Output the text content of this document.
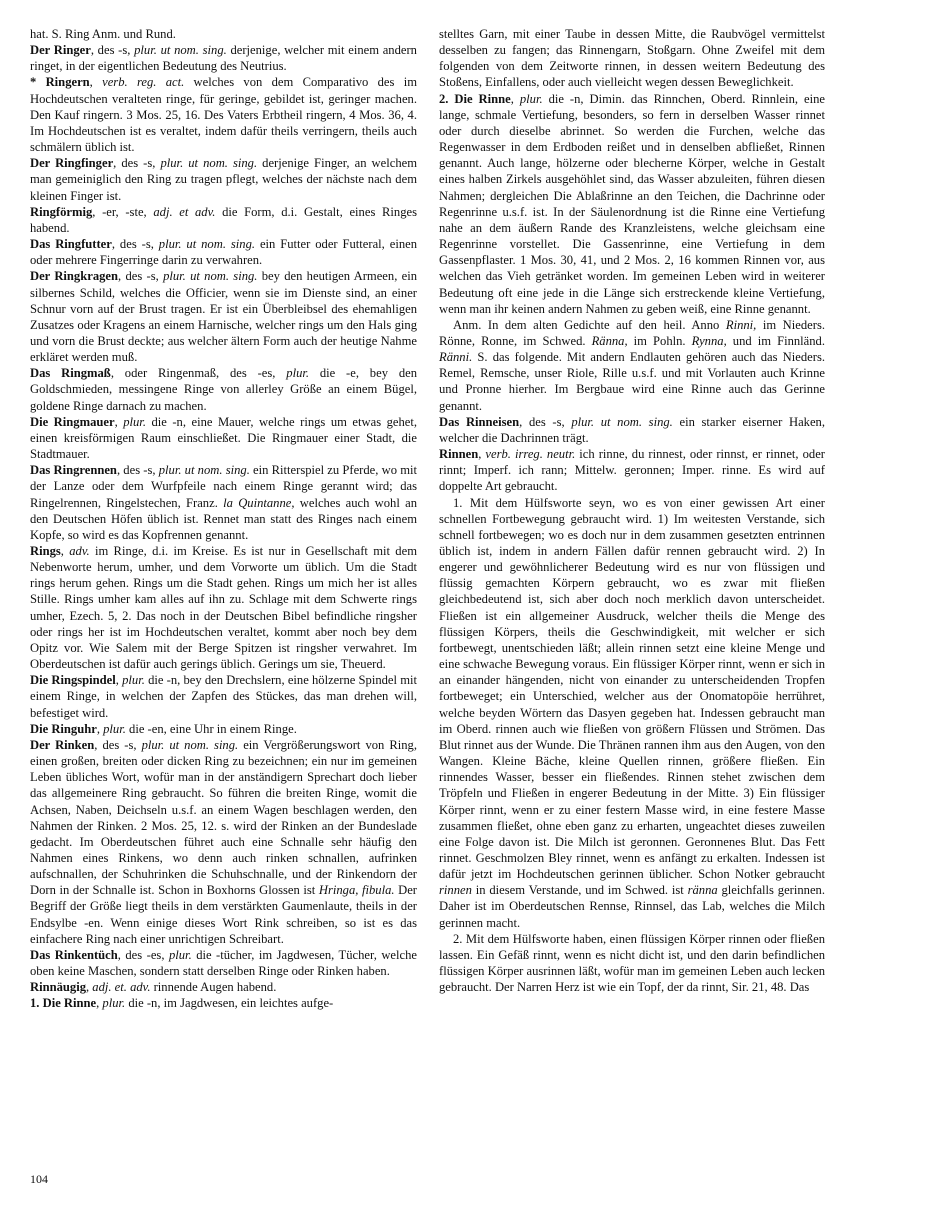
hat. S. Ring Anm. und Rund.

Der Ringer, des -s, plur. ut nom. sing. derjenige, welcher mit einem andern ringet, in der eigentlichen Bedeutung des Neutrius.

* Ringern, verb. reg. act. welches von dem Comparativo des im Hochdeutschen veralteten ringe, für geringe, gebildet ist, geringer machen. Den Kauf ringern. 3 Mos. 25, 16. Des Vaters Erbtheil ringern, 4 Mos. 36, 4. Im Hochdeutschen ist es veraltet, indem dafür theils verringern, theils auch schmälern üblich ist.

Der Ringfinger, des -s, plur. ut nom. sing. derjenige Finger, an welchem man gemeiniglich den Ring zu tragen pflegt, welches der nächste nach dem kleinen Finger ist.

Ringförmig, -er, -ste, adj. et adv. die Form, d.i. Gestalt, eines Ringes habend.

Das Ringfutter, des -s, plur. ut nom. sing. ein Futter oder Futteral, einen oder mehrere Fingerringe darin zu verwahren.

Der Ringkragen, des -s, plur. ut nom. sing. bey den heutigen Armeen, ein silbernes Schild, welches die Officier, wenn sie im Dienste sind, an einer Schnur vorn auf der Brust tragen. Er ist ein Überbleibsel des ehemahligen Zusatzes oder Kragens an einem Harnische, welcher rings um den Hals ging und vorn die Brust deckte; aus welcher ältern Form auch der heutige Nahme erkläret werden muß.

Das Ringmaß, oder Ringenmaß, des -es, plur. die -e, bey den Goldschmieden, messingene Ringe von allerley Größe an einem Bügel, goldene Ringe darnach zu machen.

Die Ringmauer, plur. die -n, eine Mauer, welche rings um etwas gehet, einen kreisförmigen Raum einschließet. Die Ringmauer einer Stadt, die Stadtmauer.

Das Ringrennen, des -s, plur. ut nom. sing. ein Ritterspiel zu Pferde, wo mit der Lanze oder dem Wurfpfeile nach einem Ringe gerannt wird; das Ringelrennen, Ringelstechen, Franz. la Quintanne, welches auch wohl an den Deutschen Höfen üblich ist. Rennet man statt des Ringes nach einem Kopfe, so wird es das Kopfrennen genannt.

Rings, adv. im Ringe, d.i. im Kreise. Es ist nur in Gesellschaft mit dem Nebenworte herum, umher, und dem Vorworte um üblich. Um die Stadt rings herum gehen. Rings um die Stadt gehen. Rings um mich her ist alles Stille. Rings umher kam alles auf ihn zu. Schlage mit dem Schwerte rings umher, Ezech. 5, 2. Das noch in der Deutschen Bibel befindliche ringsher oder rings her ist im Hochdeutschen veraltet, kommt aber noch bey dem Opitz vor. Wie Salem mit der Berge Spitzen ist ringsher verwahret. Im Oberdeutschen ist dafür auch gerings üblich. Gerings um sie, Theuerd.

Die Ringspindel, plur. die -n, bey den Drechslern, eine hölzerne Spindel mit einem Ringe, in welchen der Zapfen des Stückes, das man drehen will, befestiget wird.

Die Ringuhr, plur. die -en, eine Uhr in einem Ringe.

Der Rinken, des -s, plur. ut nom. sing. ein Vergrößerungswort von Ring, einen großen, breiten oder dicken Ring zu bezeichnen; ein nur im gemeinen Leben übliches Wort, wofür man in der anständigern Sprechart doch lieber das allgemeinere Ring gebraucht. So führen die breiten Ringe, womit die Achsen, Naben, Deichseln u.s.f. an einem Wagen beschlagen werden, den Nahmen der Rinken. 2 Mos. 25, 12. s. wird der Rinken an der Bundeslade gedacht. Im Oberdeutschen führet auch eine Schnalle sehr häufig den Nahmen eines Rinkens, wo denn auch rinken schnallen, aufrinken aufschnallen, der Schuhrinken die Schuhschnalle, und der Rinkendorn der Dorn in der Schnalle ist. Schon in Boxhorns Glossen ist Hringa, fibula. Der Begriff der Größe liegt theils in dem verstärkten Gaumenlaute, theils in der Endsylbe -en. Wenn einige dieses Wort Rink schreiben, so ist es das einfachere Ring nach einer unrichtigen Schreibart.

Das Rinkentüch, des -es, plur. die -tücher, im Jagdwesen, Tücher, welche oben keine Maschen, sondern statt derselben Ringe oder Rinken haben.

Rinnäugig, adj. et. adv. rinnende Augen habend.

1. Die Rinne, plur. die -n, im Jagdwesen, ein leichtes aufge-

stelltes Garn, mit einer Taube in dessen Mitte, die Raubvögel vermittelst desselben zu fangen; das Rinnengarn, Stoßgarn. Ohne Zweifel mit dem folgenden von dem Zeitworte rinnen, in dessen weitern Bedeutung des Stoßens, Einfallens, oder auch vielleicht wegen dessen Beweglichkeit.

2. Die Rinne, plur. die -n, Dimin. das Rinnchen, Oberd. Rinnlein, eine lange, schmale Vertiefung, besonders, so fern in derselben Wasser rinnet oder durch dieselbe abrinnet. So werden die Furchen, welche das Regenwasser in dem Erdboden reißet und in denselben abfließet, Rinnen genannt. Auch lange, hölzerne oder blecherne Körper, welche in Gestalt eines halben Zirkels ausgehöhlet sind, das Wasser abzuleiten, führen diesen Nahmen; dergleichen Die Ablaßrinne an den Teichen, die Dachrinne oder Regenrinne u.s.f. ist. In der Säulenordnung ist die Rinne eine Vertiefung nahe an dem äußern Rande des Kranzleistens, welche gleichsam eine Regenrinne vorstellet. Die Gassenrinne, eine Vertiefung in dem Gassenpflaster. 1 Mos. 30, 41, und 2 Mos. 2, 16 kommen Rinnen vor, aus welchen das Vieh getränket worden. Im gemeinen Leben wird in weiterer Bedeutung oft eine jede in die Länge sich erstreckende kleine Vertiefung, wenn man ihr keinen andern Nahmen zu geben weiß, eine Rinne genannt.

Anm. In dem alten Gedichte auf den heil. Anno Rinni, im Nieders. Rönne, Ronne, im Schwed. Ränna, im Pohln. Rynna, und im Finnländ. Ränni. S. das folgende. Mit andern Endlauten gehören auch das Nieders. Remel, Remsche, unser Riole, Rille u.s.f. und mit Vorlauten auch Krinne und Pronne hierher. Im Bergbaue wird eine Rinne auch das Gerinne genannt.

Das Rinneisen, des -s, plur. ut nom. sing. ein starker eiserner Haken, welcher die Dachrinnen trägt.

Rinnen, verb. irreg. neutr. ich rinne, du rinnest, oder rinnst, er rinnet, oder rinnt; Imperf. ich rann; Mittelw. geronnen; Imper. rinne. Es wird auf doppelte Art gebraucht.

1. Mit dem Hülfsworte seyn, wo es von einer gewissen Art einer schnellen Fortbewegung gebraucht wird. 1) Im weitesten Verstande, sich schnell fortbewegen; wo es doch nur in dem zusammen gesetzten entrinnen üblich ist, indem in andern Fällen dafür rennen gebraucht wird. 2) In engerer und gewöhnlicherer Bedeutung wird es nur von flüssigen und flüssig gemachten Körpern gebraucht, wo es zwar mit fließen gleichbedeutend ist, sich aber doch noch merklich davon unterscheidet. Fließen ist ein allgemeiner Ausdruck, welcher theils die Menge des flüssigen Körpers, theils die Geschwindigkeit, mit welcher er sich fortbewegt, unentschieden läßt; allein rinnen setzt eine kleine Menge und eine schwache Bewegung voraus. Ein flüssiger Körper rinnt, wenn er sich in an einander hängenden, nicht von einander zu unterscheidenden Tropfen fortbeweget; ein Unterschied, welcher aus der Onomatopöie herrühret, welche beyden Wörtern das Dasyen gegeben hat. Indessen gebraucht man im Oberd. rinnen auch wie fließen von größern Flüssen und Strömen. Das Blut rinnet aus der Wunde. Die Thränen rannen ihm aus den Augen, von den Wangen. Kleine Bäche, kleine Quellen rinnen, größere fließen. Ein rinnendes Wasser, besser ein fließendes. Rinnen stehet zwischen dem Tröpfeln und Fließen in engerer Bedeutung in der Mitte. 3) Ein flüssiger Körper rinnt, wenn er zu einer festern Masse wird, in eine festere Masse zusammen fließet, ohne eben ganz zu erharten, ungeachtet dieses zuweilen eine Folge davon ist. Die Milch ist geronnen. Geronnenes Blut. Das Fett rinnet. Geschmolzen Bley rinnet, wenn es anfängt zu erkalten. Indessen ist dafür jetzt im Hochdeutschen gerinnen üblicher. Schon Notker gebraucht rinnen in diesem Verstande, und im Schwed. ist ränna gleichfalls gerinnen. Daher ist im Oberdeutschen Rennse, Rinnsel, das Lab, welches die Milch gerinnen macht.

2. Mit dem Hülfsworte haben, einen flüssigen Körper rinnen oder fließen lassen. Ein Gefäß rinnt, wenn es nicht dicht ist, und den darin befindlichen flüssigen Körper ausrinnen läßt, wofür man im gemeinen Leben auch lecken gebraucht. Der Narren Herz ist wie ein Topf, der da rinnt, Sir. 21, 48. Das

104
